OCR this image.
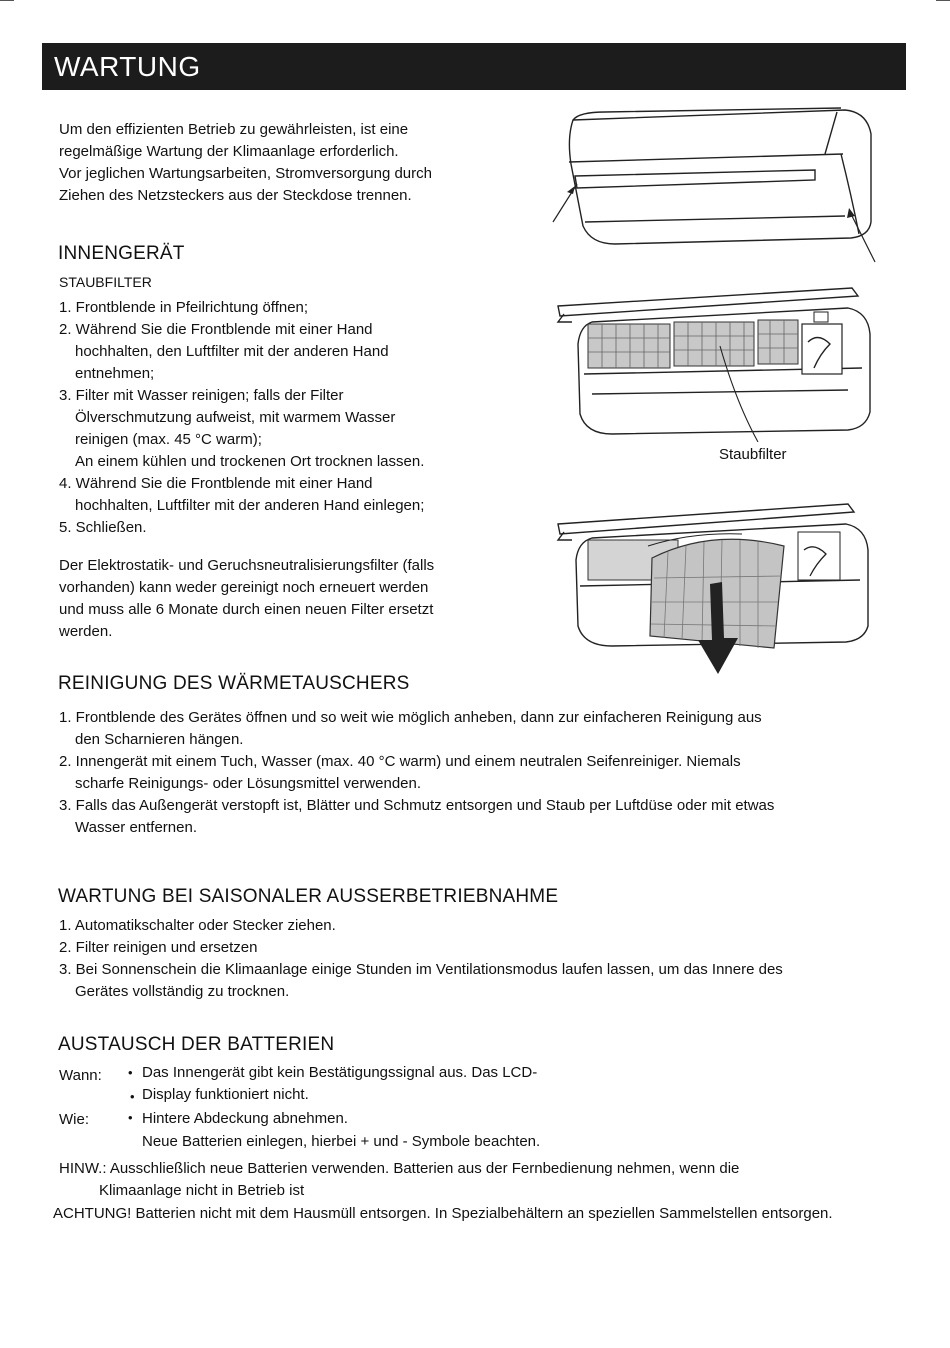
WARTUNG
Um den effizienten Betrieb zu gewährleisten, ist eine
regelmäßige Wartung der Klimaanlage erforderlich.
Vor jeglichen Wartungsarbeiten, Stromversorgung durch
Ziehen des Netzsteckers aus der Steckdose trennen.
INNENGERÄT
STAUBFILTER
1. Frontblende in Pfeilrichtung öffnen;
2. Während Sie die Frontblende mit einer Hand
hochhalten, den Luftfilter mit der anderen Hand
entnehmen;
3. Filter mit Wasser reinigen; falls der Filter
Ölverschmutzung aufweist, mit warmem Wasser
reinigen (max. 45 °C warm);
An einem kühlen und trockenen Ort trocknen lassen.
4. Während Sie die Frontblende mit einer Hand
hochhalten, Luftfilter mit der anderen Hand einlegen;
5. Schließen.
Der Elektrostatik- und Geruchsneutralisierungsfilter (falls
vorhanden) kann weder gereinigt noch erneuert werden
und muss alle 6 Monate durch einen neuen Filter ersetzt
werden.
Staubfilter
REINIGUNG DES WÄRMETAUSCHERS
1. Frontblende des Gerätes öffnen und so weit wie möglich anheben, dann zur einfacheren Reinigung aus
den Scharnieren hängen.
2. Innengerät mit einem Tuch, Wasser (max. 40 °C warm) und einem neutralen Seifenreiniger. Niemals
scharfe Reinigungs- oder Lösungsmittel verwenden.
3. Falls das Außengerät verstopft ist, Blätter und Schmutz entsorgen und Staub per Luftdüse oder mit etwas
Wasser entfernen.
WARTUNG BEI SAISONALER AUSSERBETRIEBNAHME
1. Automatikschalter oder Stecker ziehen.
2. Filter reinigen und ersetzen
3. Bei Sonnenschein die Klimaanlage einige Stunden im Ventilationsmodus laufen lassen, um das Innere des
Gerätes vollständig zu trocknen.
AUSTAUSCH DER BATTERIEN
Wann: • Das Innengerät gibt kein Bestätigungssignal aus. Das LCD-
• Display funktioniert nicht.
Wie:	• Hintere Abdeckung abnehmen.
Neue Batterien einlegen, hierbei + und - Symbole beachten.
HINW.: Ausschließlich neue Batterien verwenden. Batterien aus der Fernbedienung nehmen, wenn die
Klimaanlage nicht in Betrieb ist
ACHTUNG! Batterien nicht mit dem Hausmüll entsorgen. In Spezialbehältern an speziellen Sammelstellen entsorgen.
